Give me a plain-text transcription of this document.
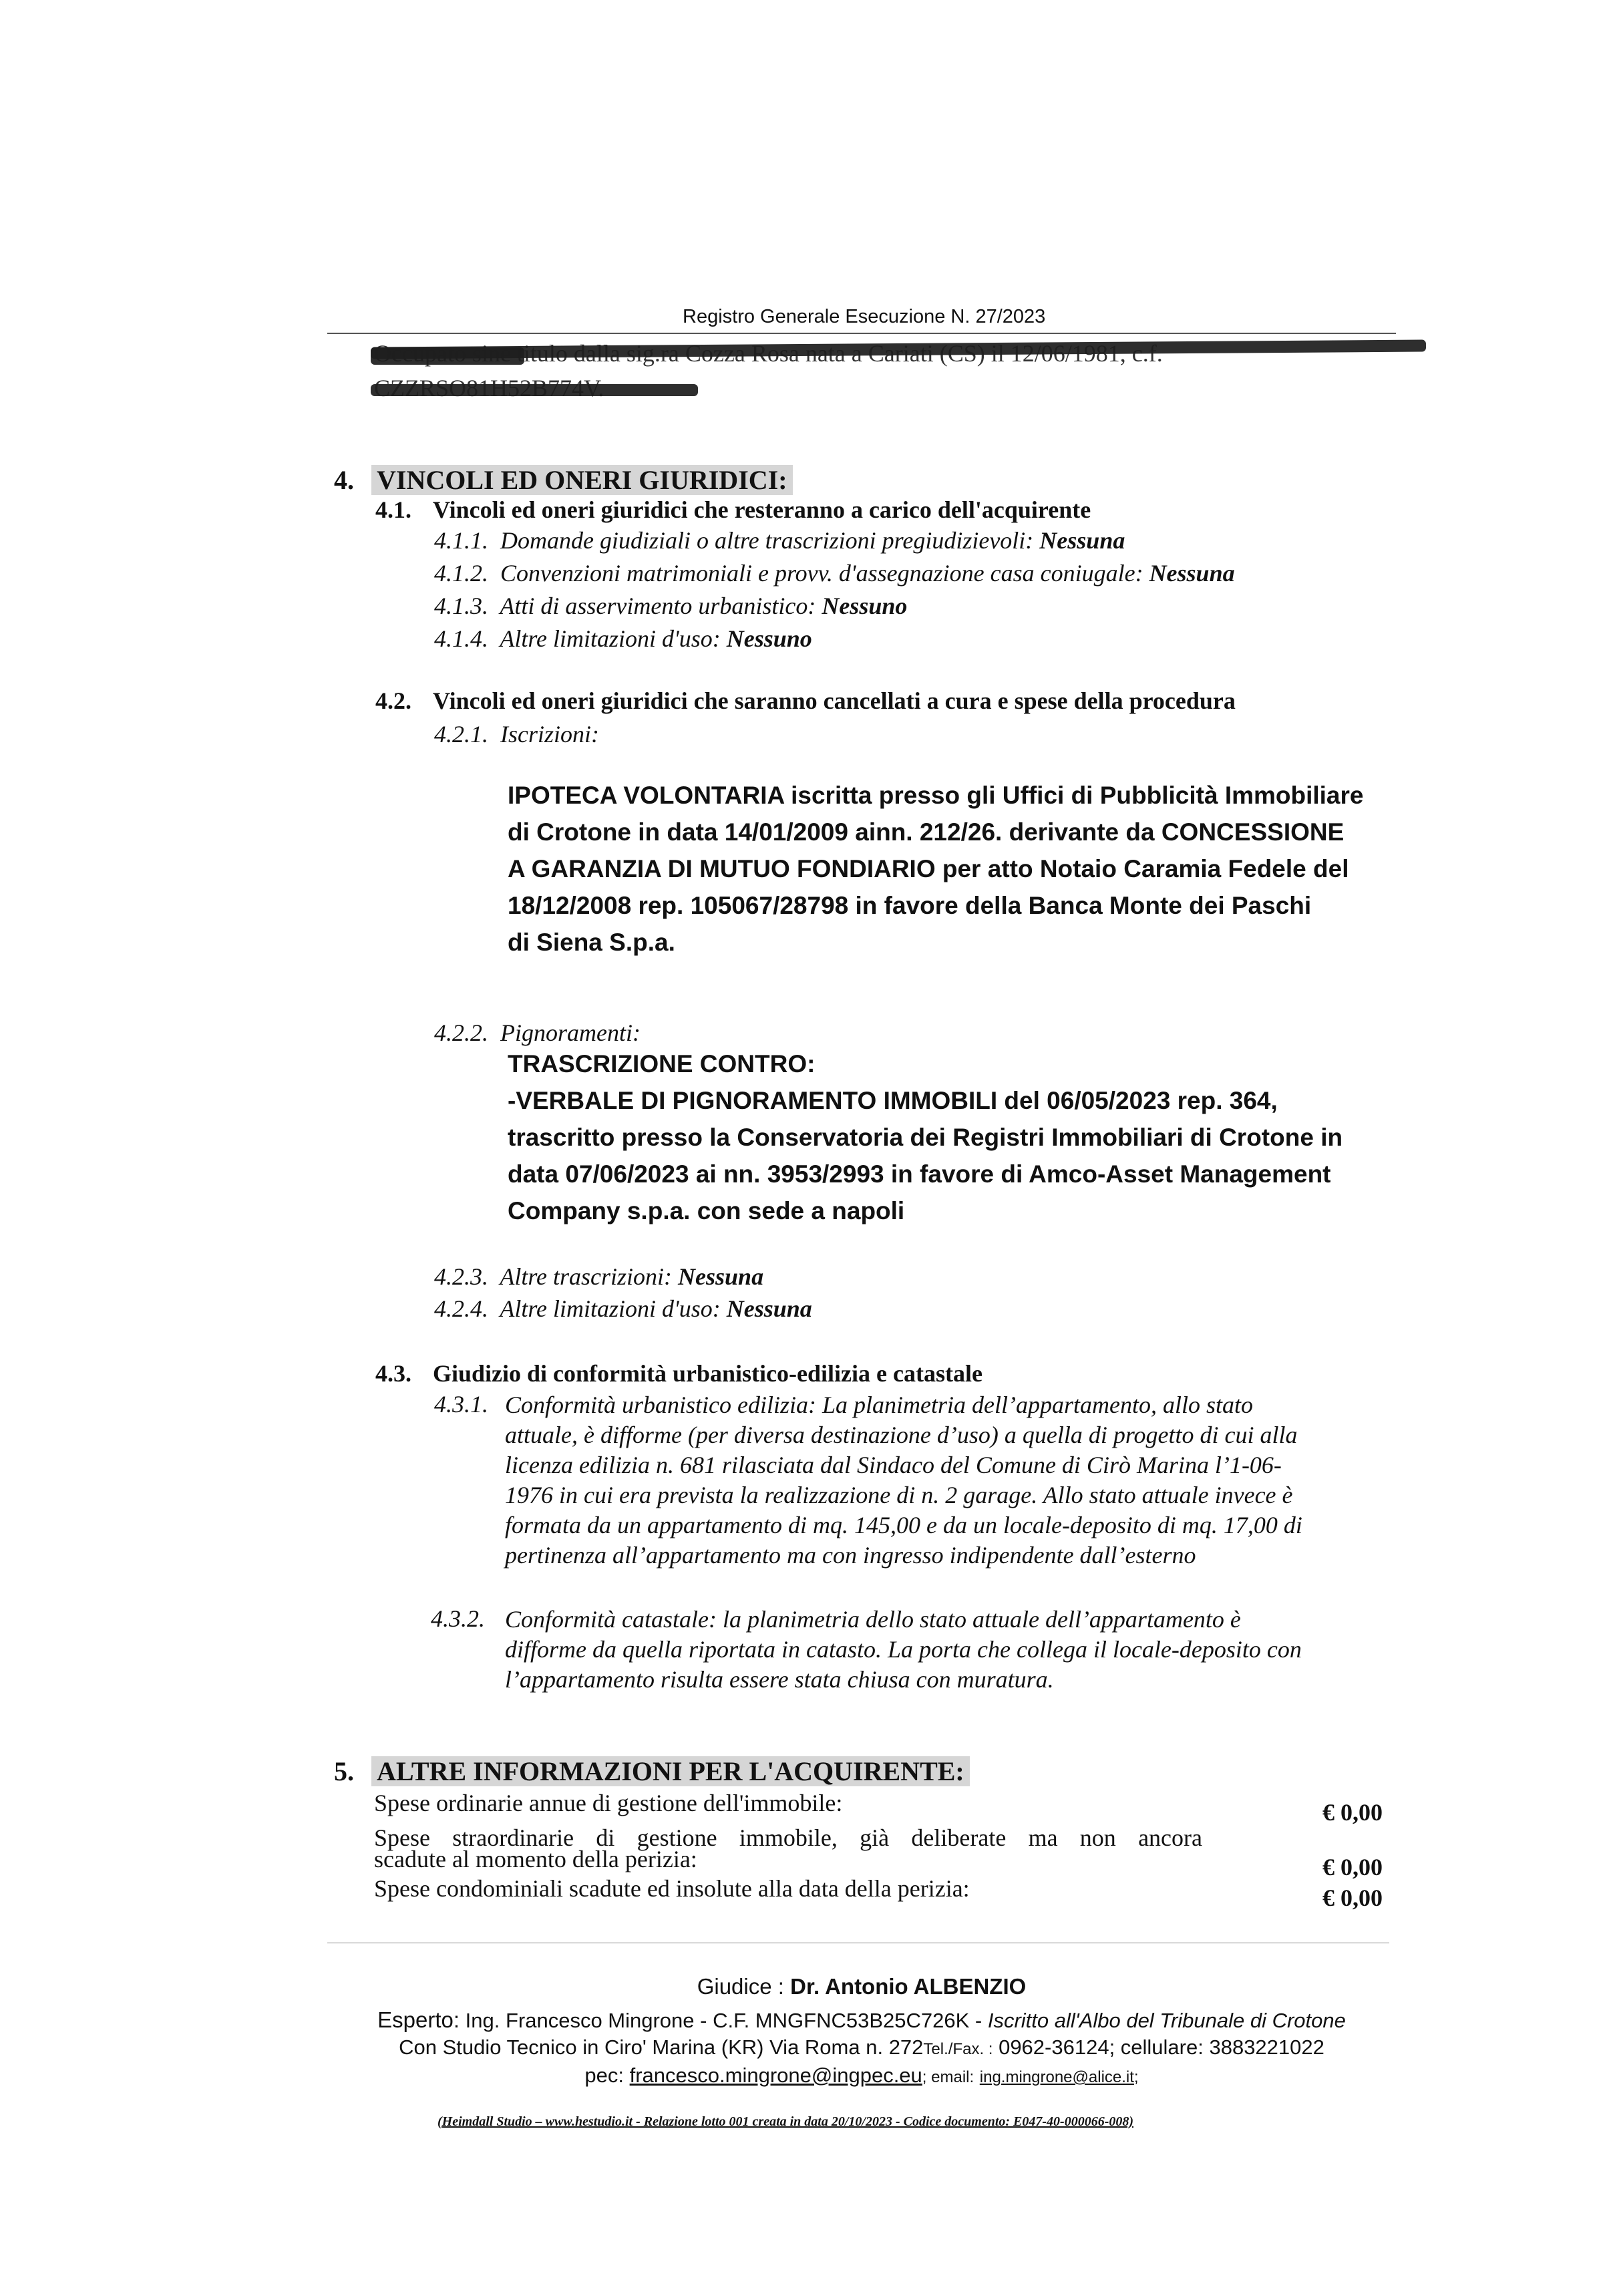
Registro Generale Esecuzione N. 27/2023
4. VINCOLI ED ONERI GIURIDICI:
4.1. Vincoli ed oneri giuridici che resteranno a carico dell'acquirente
4.1.1. Domande giudiziali o altre trascrizioni pregiudizievoli: Nessuna
4.1.2. Convenzioni matrimoniali e provv. d'assegnazione casa coniugale: Nessuna
4.1.3. Atti di asservimento urbanistico: Nessuno
4.1.4. Altre limitazioni d'uso: Nessuno
4.2. Vincoli ed oneri giuridici che saranno cancellati a cura e spese della procedura
4.2.1. Iscrizioni:
IPOTECA VOLONTARIA iscritta presso gli Uffici di Pubblicità Immobiliare
di Crotone in data 14/01/2009 ainn. 212/26. derivante da CONCESSIONE
A GARANZIA DI MUTUO FONDIARIO per atto Notaio Caramia Fedele del
18/12/2008 rep. 105067/28798 in favore della Banca Monte dei Paschi
di Siena S.p.a.
4.2.2. Pignoramenti:
TRASCRIZIONE CONTRO:
-VERBALE DI PIGNORAMENTO IMMOBILI del 06/05/2023 rep. 364,
trascritto presso la Conservatoria dei Registri Immobiliari di Crotone in
data 07/06/2023 ai nn. 3953/2993 in favore di Amco-Asset Management
Company s.p.a. con sede a napoli
4.2.3. Altre trascrizioni: Nessuna
4.2.4. Altre limitazioni d'uso: Nessuna
4.3. Giudizio di conformità urbanistico-edilizia e catastale
4.3.1. Conformità urbanistico edilizia: La planimetria dell’appartamento, allo stato
attuale, è difforme (per diversa destinazione d’uso) a quella di progetto di cui alla
licenza edilizia n. 681 rilasciata dal Sindaco del Comune di Cirò Marina l’1-06-
1976 in cui era prevista la realizzazione di n. 2 garage. Allo stato attuale invece è
formata da un appartamento di mq. 145,00 e da un locale-deposito di mq. 17,00 di
pertinenza all’appartamento ma con ingresso indipendente dall’esterno
4.3.2. Conformità catastale: la planimetria dello stato attuale dell’appartamento è
difforme da quella riportata in catasto. La porta che collega il locale-deposito con
l’appartamento risulta essere stata chiusa con muratura.
5. ALTRE INFORMAZIONI PER L'ACQUIRENTE:
Spese ordinarie annue di gestione dell'immobile:	€ 0,00
Spese straordinarie di gestione immobile, già deliberate ma non ancora
scadute al momento della perizia:	€ 0,00
Spese condominiali scadute ed insolute alla data della perizia:	€ 0,00
Giudice : Dr. Antonio ALBENZIO
Esperto: Ing. Francesco Mingrone - C.F. MNGFNC53B25C726K - Iscritto all'Albo del Tribunale di Crotone
Con Studio Tecnico in Ciro' Marina (KR) Via Roma n. 272Tel./Fax. : 0962-36124; cellulare: 3883221022
pec: francesco.mingrone@ingpec.eu; email: ing.mingrone@alice.it;
(Heimdall Studio – www.hestudio.it - Relazione lotto 001 creata in data 20/10/2023 - Codice documento: E047-40-000066-008)
